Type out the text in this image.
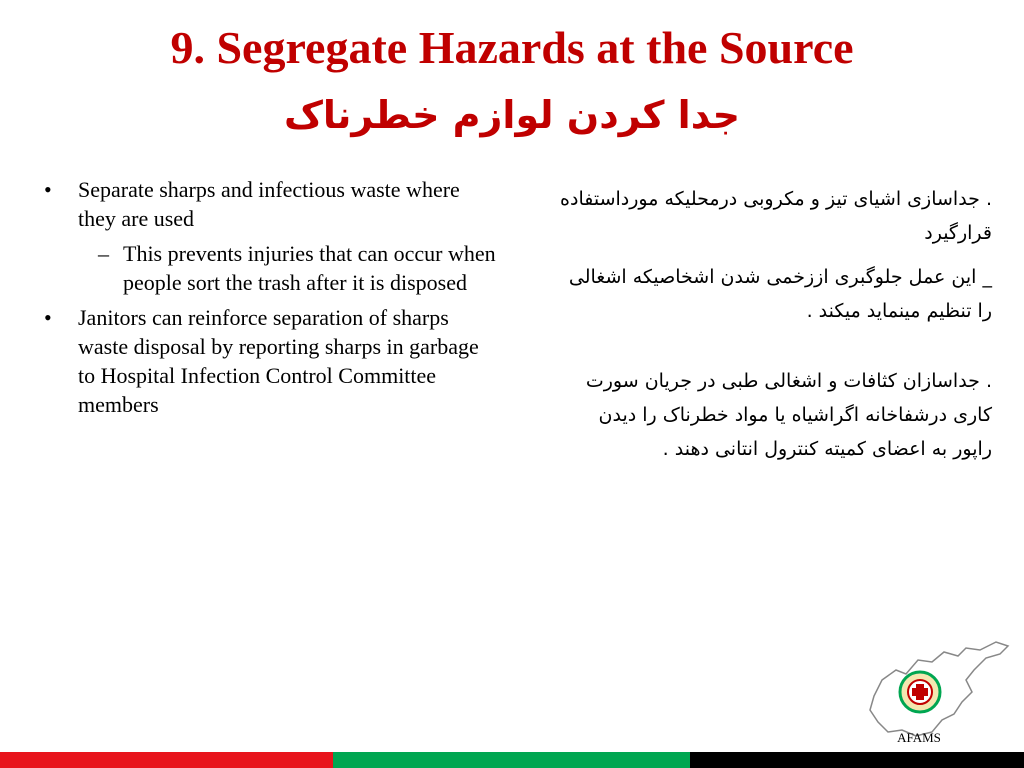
9. Segregate Hazards at the Source
جدا کردن لوازم خطرناک
• Separate sharps and infectious waste where they are used
– This prevents injuries that can occur when people sort the trash after it is disposed
• Janitors can reinforce separation of sharps waste disposal by reporting sharps in garbage to Hospital Infection Control Committee members
. جداسازی اشیای تیز و مکروبی درمحلیکه مورداستفاده قرارگیرد
_ این عمل جلوگبری اززخمی شدن اشخاصیکه اشغالی را تنظیم مینماید میکند .
. جداسازان کثافات و اشغالی طبی در جریان سورت کاری درشفاخانه اگراشیاه یا مواد خطرناک را دیدن راپور به اعضای کمیته کنترول انتانی دهند .
AFAMS
